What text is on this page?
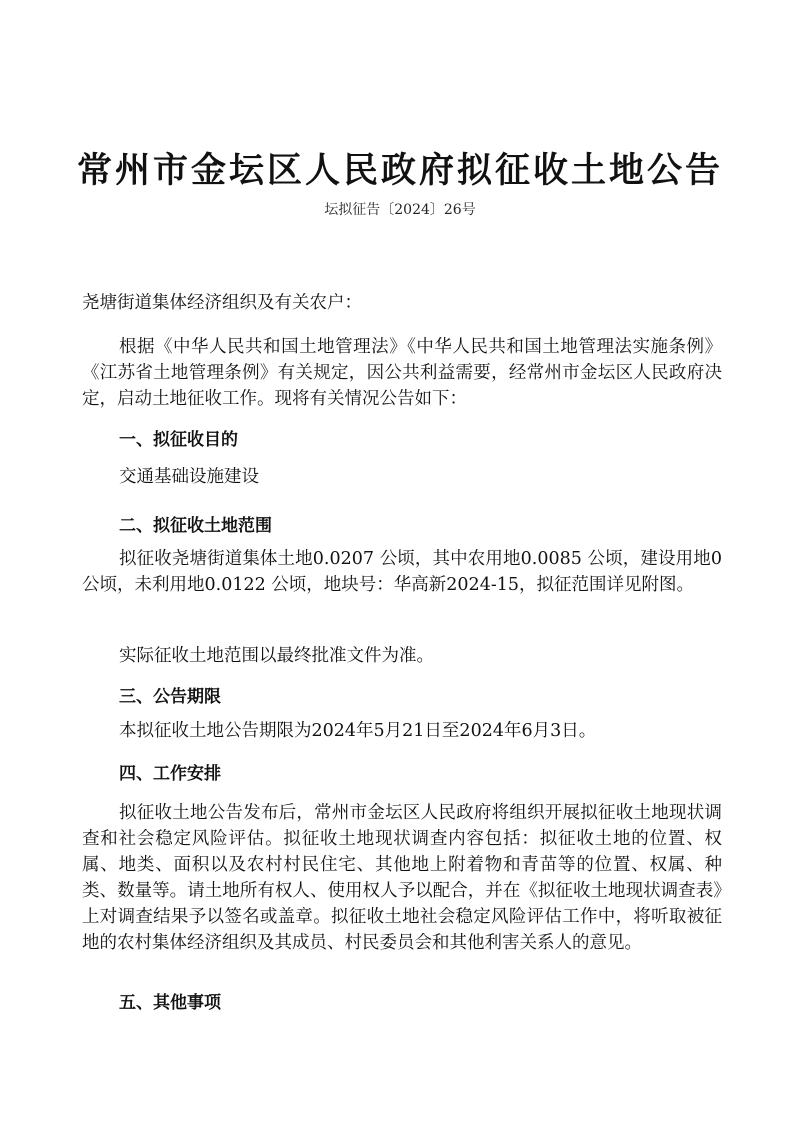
常州市金坛区人民政府拟征收土地公告
坛拟征告〔2024〕26号
尧塘街道集体经济组织及有关农户：
根据《中华人民共和国土地管理法》《中华人民共和国土地管理法实施条例》《江苏省土地管理条例》有关规定，因公共利益需要，经常州市金坛区人民政府决定，启动土地征收工作。现将有关情况公告如下：
一、拟征收目的
交通基础设施建设
二、拟征收土地范围
拟征收尧塘街道集体土地0.0207 公顷，其中农用地0.0085 公顷，建设用地0 公顷，未利用地0.0122 公顷，地块号：华高新2024-15，拟征范围详见附图。
实际征收土地范围以最终批准文件为准。
三、公告期限
本拟征收土地公告期限为2024年5月21日至2024年6月3日。
四、工作安排
拟征收土地公告发布后，常州市金坛区人民政府将组织开展拟征收土地现状调查和社会稳定风险评估。拟征收土地现状调查内容包括：拟征收土地的位置、权属、地类、面积以及农村村民住宅、其他地上附着物和青苗等的位置、权属、种类、数量等。请土地所有权人、使用权人予以配合，并在《拟征收土地现状调查表》上对调查结果予以签名或盖章。拟征收土地社会稳定风险评估工作中，将听取被征地的农村集体经济组织及其成员、村民委员会和其他利害关系人的意见。
五、其他事项
